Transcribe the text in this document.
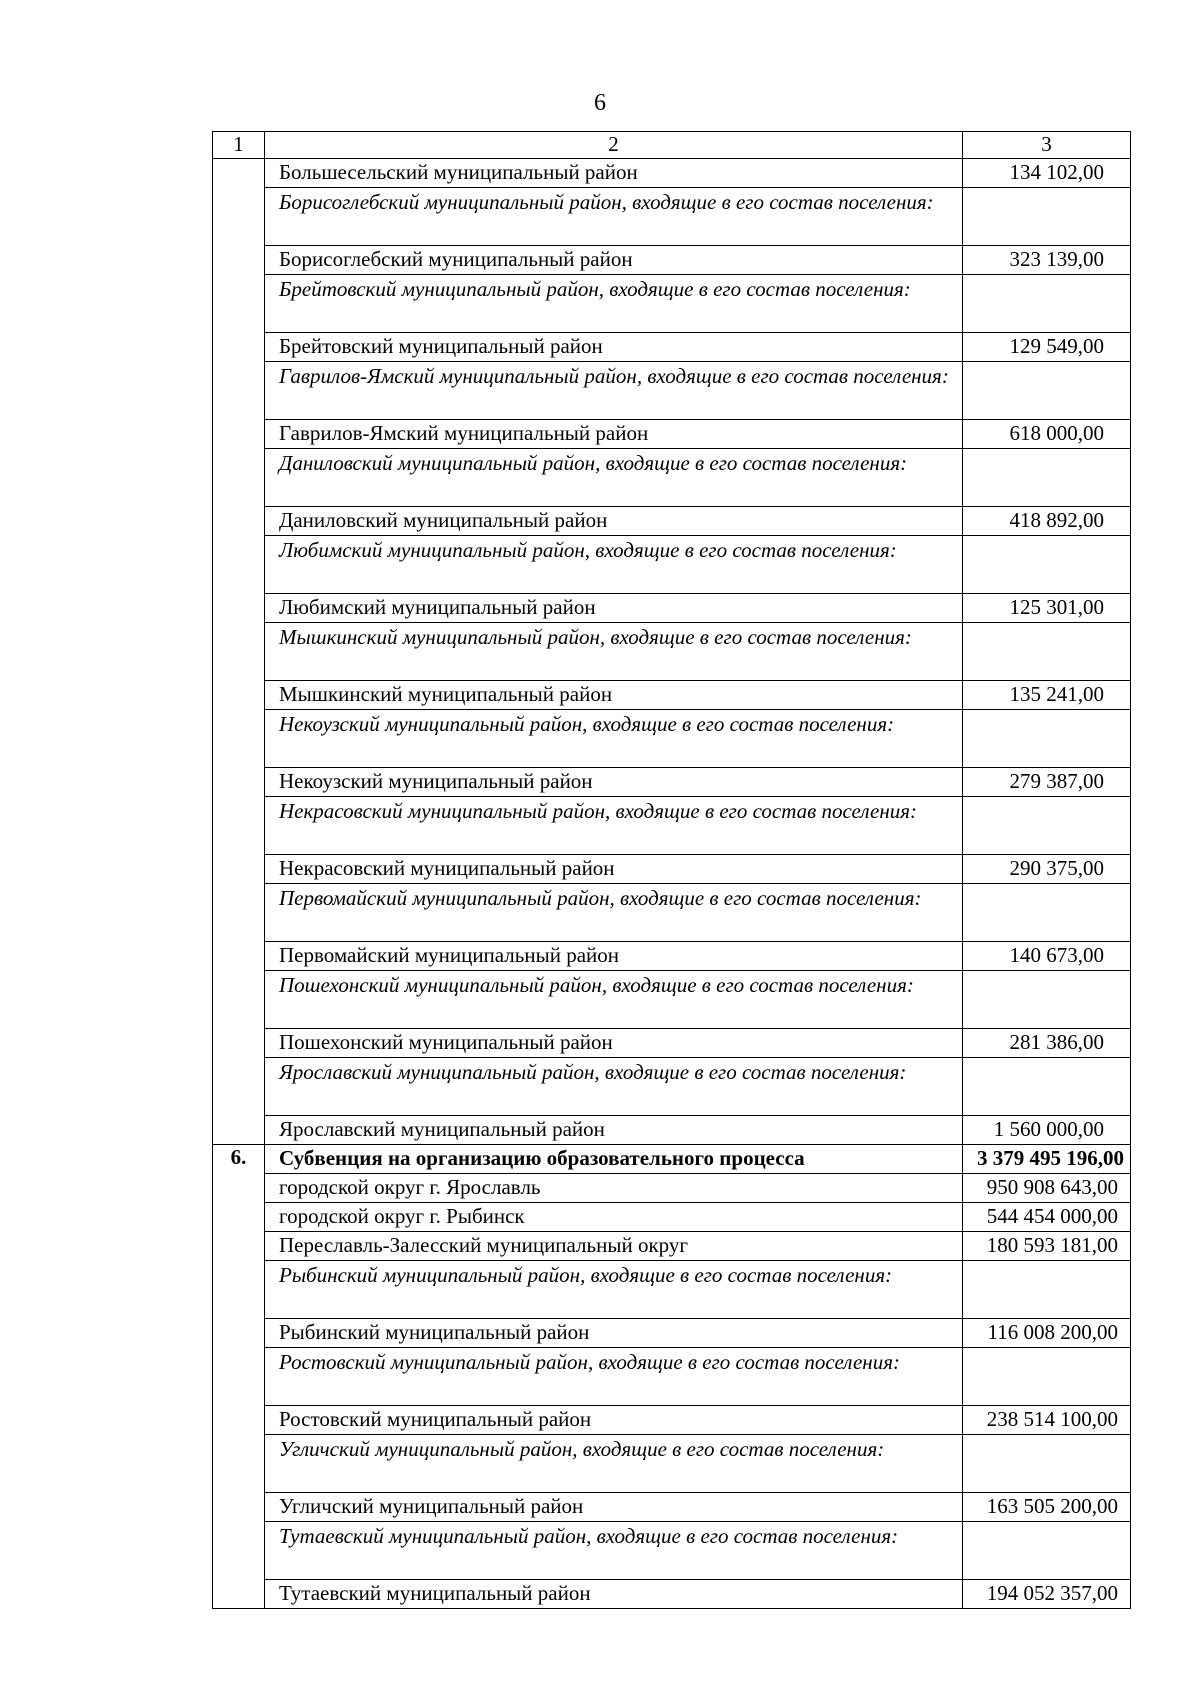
6
1	2	3
	Большесельский муниципальный район	134 102,00
	Борисоглебский муниципальный район, входящие в его состав поселения:	
	Борисоглебский муниципальный район	323 139,00
	Брейтовский муниципальный район, входящие в его состав поселения:	
	Брейтовский муниципальный район	129 549,00
	Гаврилов-Ямский муниципальный район, входящие в его состав поселения:	
	Гаврилов-Ямский муниципальный район	618 000,00
	Даниловский муниципальный район, входящие в его состав поселения:	
	Даниловский муниципальный район	418 892,00
	Любимский муниципальный район, входящие в его состав поселения:	
	Любимский муниципальный район	125 301,00
	Мышкинский муниципальный район, входящие в его состав поселения:	
	Мышкинский муниципальный район	135 241,00
	Некоузский муниципальный район, входящие в его состав поселения:	
	Некоузский муниципальный район	279 387,00
	Некрасовский муниципальный район, входящие в его состав поселения:	
	Некрасовский муниципальный район	290 375,00
	Первомайский муниципальный район, входящие в его состав поселения:	
	Первомайский муниципальный район	140 673,00
	Пошехонский муниципальный район, входящие в его состав поселения:	
	Пошехонский муниципальный район	281 386,00
	Ярославский муниципальный район, входящие в его состав поселения:	
	Ярославский муниципальный район	1 560 000,00
6.	Субвенция на организацию образовательного процесса	3 379 495 196,00
	городской округ г. Ярославль	950 908 643,00
	городской округ г. Рыбинск	544 454 000,00
	Переславль-Залесский муниципальный округ	180 593 181,00
	Рыбинский муниципальный район, входящие в его состав поселения:	
	Рыбинский муниципальный район	116 008 200,00
	Ростовский муниципальный район, входящие в его состав поселения:	
	Ростовский муниципальный район	238 514 100,00
	Угличский муниципальный район, входящие в его состав поселения:	
	Угличский муниципальный район	163 505 200,00
	Тутаевский муниципальный район, входящие в его состав поселения:	
	Тутаевский муниципальный район	194 052 357,00
